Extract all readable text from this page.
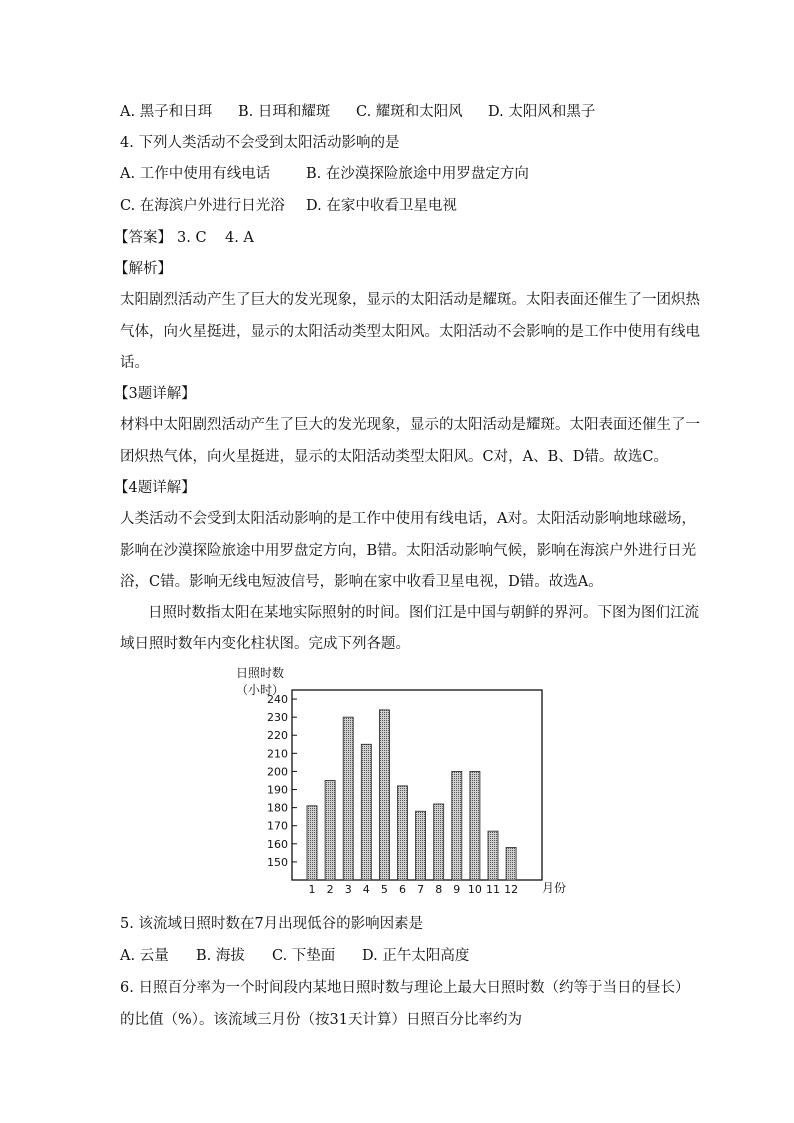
A. 黑子和日珥 B. 日珥和耀斑 C. 耀斑和太阳风 D. 太阳风和黑子
4. 下列人类活动不会受到太阳活动影响的是
A. 工作中使用有线电话 B. 在沙漠探险旅途中用罗盘定方向
C. 在海滨户外进行日光浴 D. 在家中收看卫星电视
【答案】 3. C    4. A
【解析】
太阳剧烈活动产生了巨大的发光现象，显示的太阳活动是耀斑。太阳表面还催生了一团炽热
气体，向火星挺进，显示的太阳活动类型太阳风。太阳活动不会影响的是工作中使用有线电
话。
【3题详解】
材料中太阳剧烈活动产生了巨大的发光现象，显示的太阳活动是耀斑。太阳表面还催生了一
团炽热气体，向火星挺进，显示的太阳活动类型太阳风。C对，A、B、D错。故选C。
【4题详解】
人类活动不会受到太阳活动影响的是工作中使用有线电话，A对。太阳活动影响地球磁场，
影响在沙漠探险旅途中用罗盘定方向，B错。太阳活动影响气候，影响在海滨户外进行日光
浴，C错。影响无线电短波信号，影响在家中收看卫星电视，D错。故选A。
日照时数指太阳在某地实际照射的时间。图们江是中国与朝鲜的界河。下图为图们江流
域日照时数年内变化柱状图。完成下列各题。
日照时数
（小时）
150
160
170
180
190
200
210
220
230
240
1 2 3 4 5 6 7 8 9 10 11 12 月份
5. 该流域日照时数在7月出现低谷的影响因素是
A. 云量 B. 海拔 C. 下垫面 D. 正午太阳高度
6. 日照百分率为一个时间段内某地日照时数与理论上最大日照时数（约等于当日的昼长）
的比值（%）。该流域三月份（按31天计算）日照百分比率约为
